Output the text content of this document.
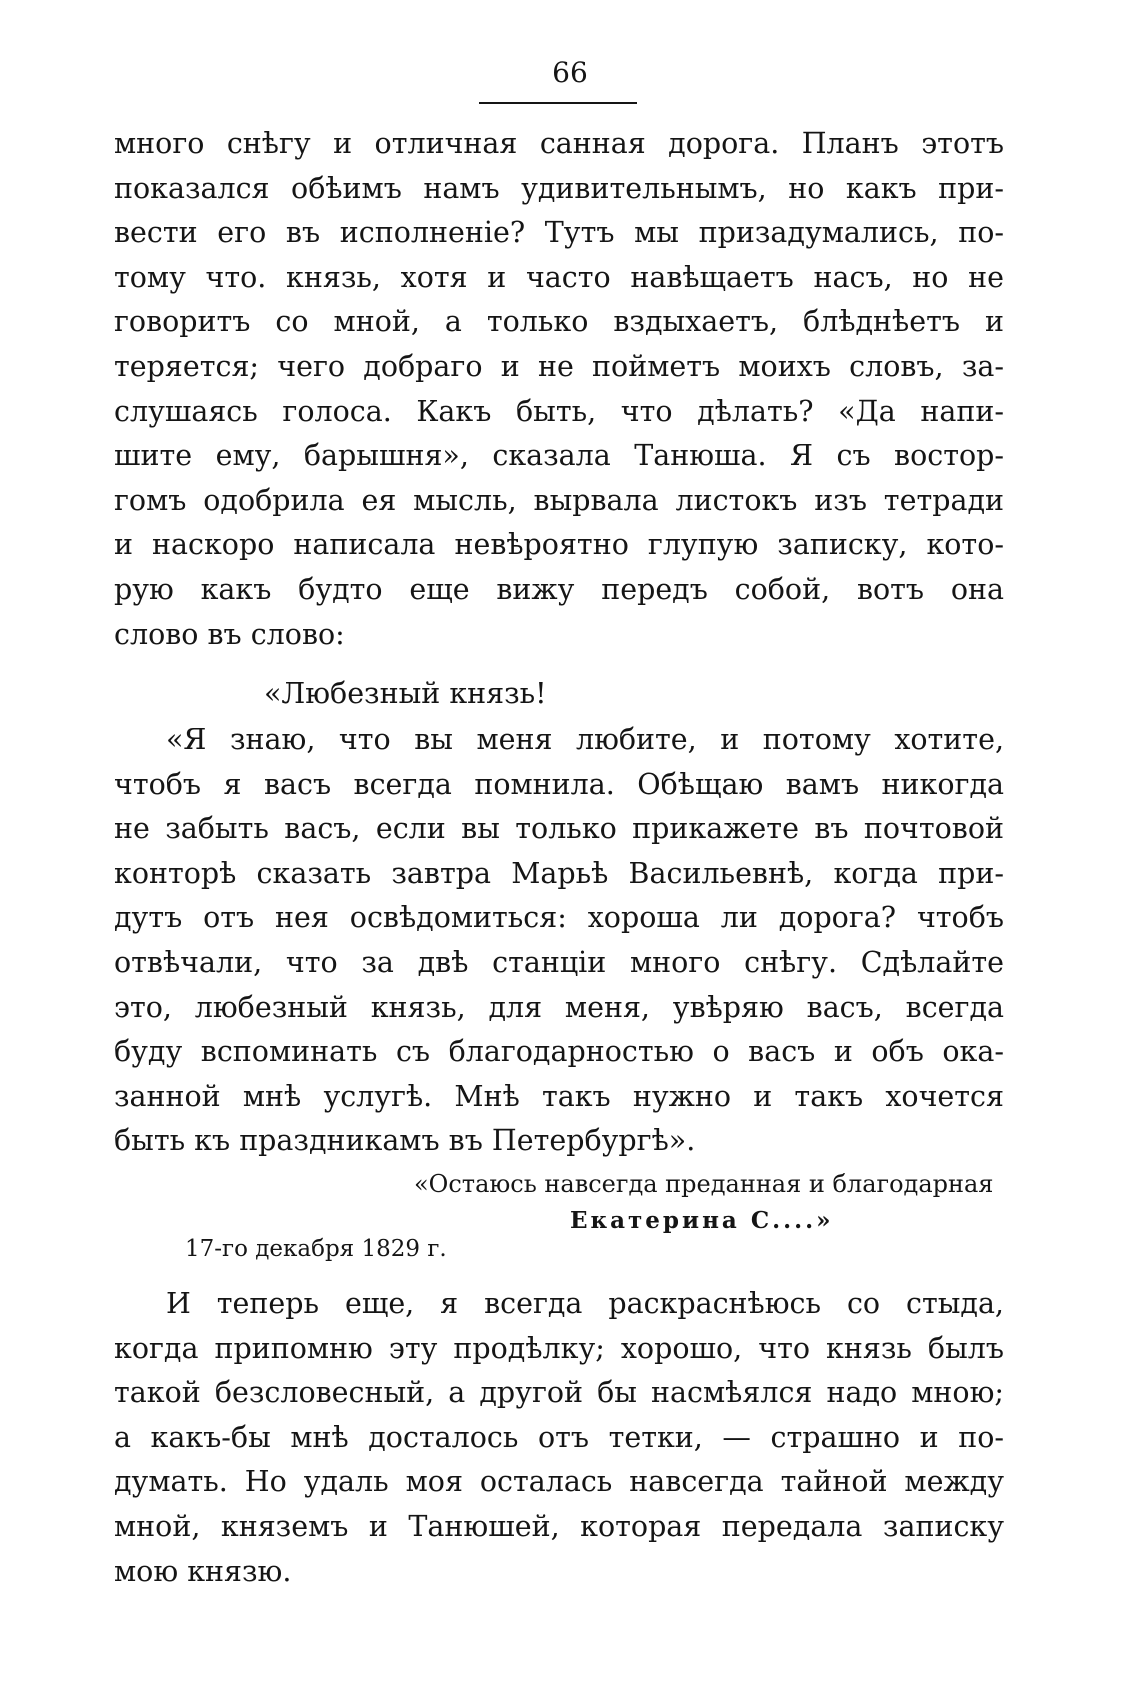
66
много снѣгу и отличная санная дорога. Планъ этотъ
показался обѣимъ намъ удивительнымъ, но какъ при-
вести его въ исполненіе? Тутъ мы призадумались, по-
тому что. князь, хотя и часто навѣщаетъ насъ, но не
говоритъ со мной, а только вздыхаетъ, блѣднѣетъ и
теряется; чего добраго и не пойметъ моихъ словъ, за-
слушаясь голоса. Какъ быть, что дѣлать? «Да напи-
шите ему, барышня», сказала Танюша. Я съ востор-
гомъ одобрила ея мысль, вырвала листокъ изъ тетради
и наскоро написала невѣроятно глупую записку, кото-
рую какъ будто еще вижу передъ собой, вотъ она
слово въ слово:
«Любезный князь!
«Я знаю, что вы меня любите, и потому хотите,
чтобъ я васъ всегда помнила. Обѣщаю вамъ никогда
не забыть васъ, если вы только прикажете въ почтовой
конторѣ сказать завтра Марьѣ Васильевнѣ, когда при-
дутъ отъ нея освѣдомиться: хороша ли дорога? чтобъ
отвѣчали, что за двѣ станціи много снѣгу. Сдѣлайте
это, любезный князь, для меня, увѣряю васъ, всегда
буду вспоминать съ благодарностью о васъ и объ ока-
занной мнѣ услугѣ. Мнѣ такъ нужно и такъ хочется
быть къ праздникамъ въ Петербургѣ».
«Остаюсь навсегда преданная и благодарная
Екатерина С....»
17-го декабря 1829 г.
И теперь еще, я всегда раскраснѣюсь со стыда,
когда припомню эту продѣлку; хорошо, что князь былъ
такой безсловесный, а другой бы насмѣялся надо мною;
а какъ-бы мнѣ досталось отъ тетки, — страшно и по-
думать. Но удаль моя осталась навсегда тайной между
мной, княземъ и Танюшей, которая передала записку
мою князю.
